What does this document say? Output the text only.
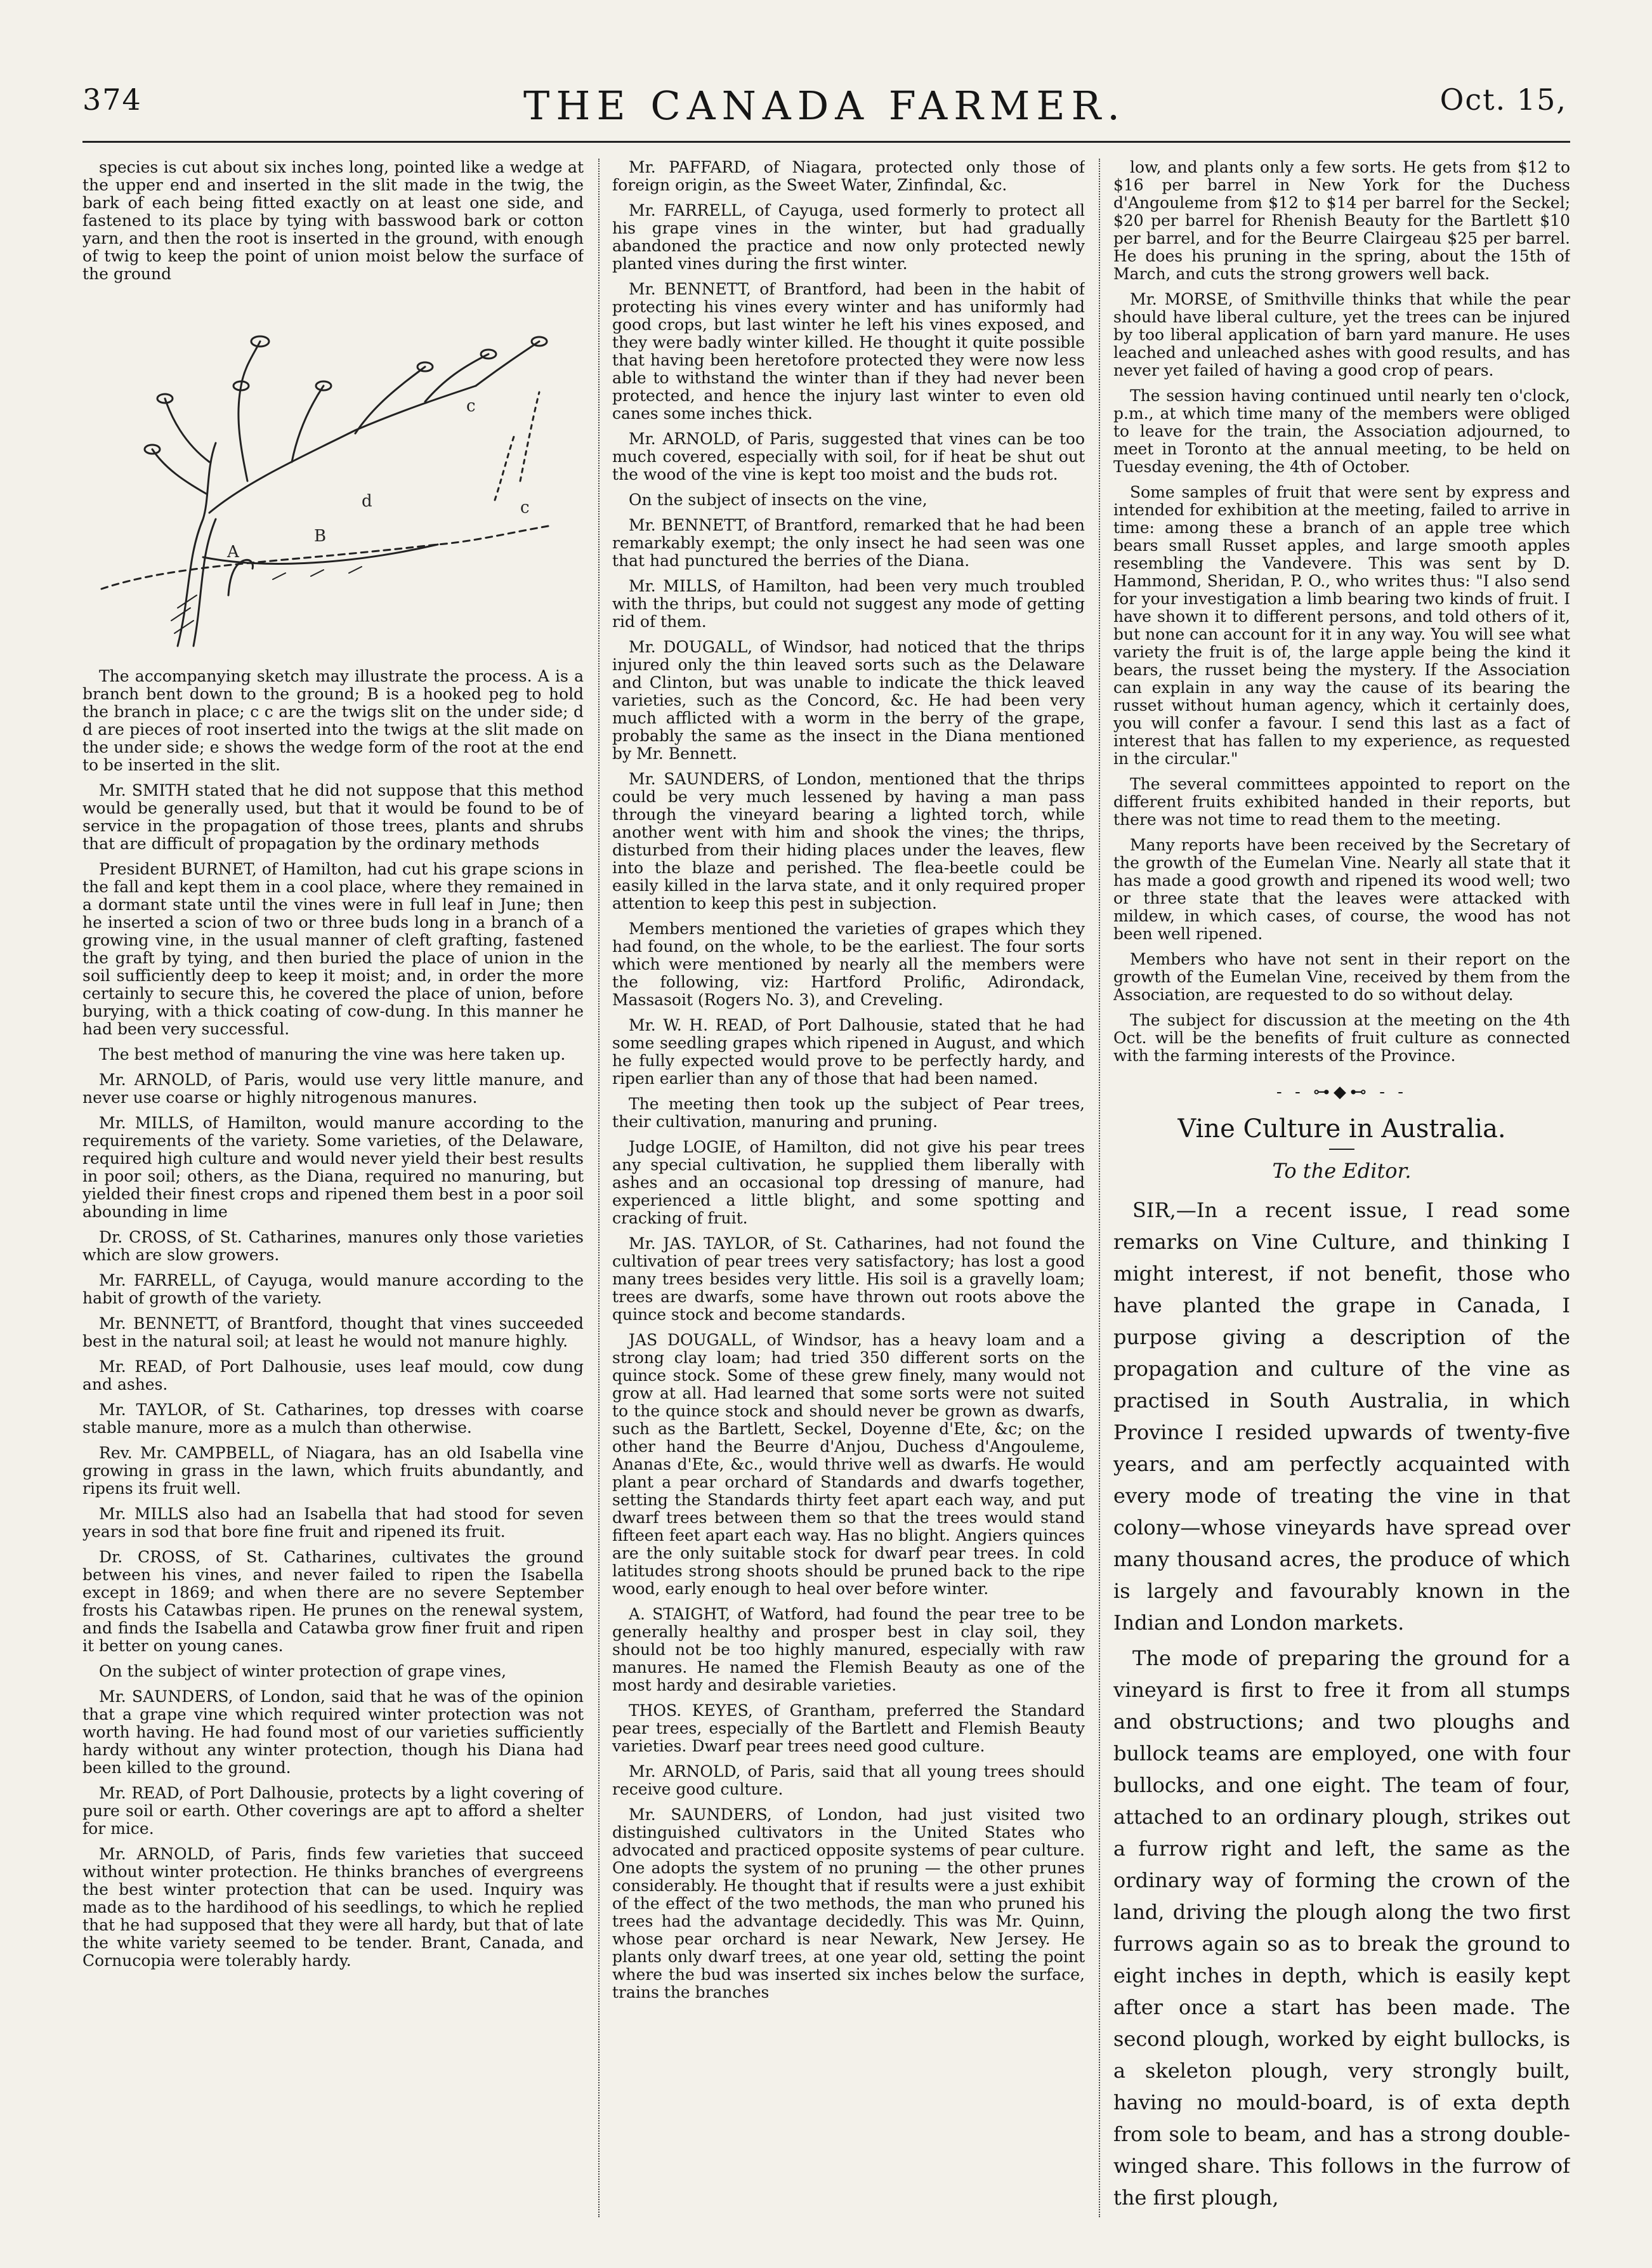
374	THE CANADA FARMER.	Oct. 15,

species is cut about six inches long, pointed like a wedge at the upper end and inserted in the slit made in the twig, the bark of each being fitted exactly on at least one side, and fastened to its place by tying with basswood bark or cotton yarn, and then the root is inserted in the ground, with enough of twig to keep the point of union moist below the surface of the ground

A
B
c
c
d

The accompanying sketch may illustrate the process. A is a branch bent down to the ground; B is a hooked peg to hold the branch in place; c c are the twigs slit on the under side; d d are pieces of root inserted into the twigs at the slit made on the under side; e shows the wedge form of the root at the end to be inserted in the slit.

Mr. SMITH stated that he did not suppose that this method would be generally used, but that it would be found to be of service in the propagation of those trees, plants and shrubs that are difficult of propagation by the ordinary methods

President BURNET, of Hamilton, had cut his grape scions in the fall and kept them in a cool place, where they remained in a dormant state until the vines were in full leaf in June; then he inserted a scion of two or three buds long in a branch of a growing vine, in the usual manner of cleft grafting, fastened the graft by tying, and then buried the place of union in the soil sufficiently deep to keep it moist; and, in order the more certainly to secure this, he covered the place of union, before burying, with a thick coating of cow-dung. In this manner he had been very successful.

The best method of manuring the vine was here taken up.

Mr. ARNOLD, of Paris, would use very little manure, and never use coarse or highly nitrogenous manures.

Mr. MILLS, of Hamilton, would manure according to the requirements of the variety. Some varieties, of the Delaware, required high culture and would never yield their best results in poor soil; others, as the Diana, required no manuring, but yielded their finest crops and ripened them best in a poor soil abounding in lime

Dr. CROSS, of St. Catharines, manures only those varieties which are slow growers.

Mr. FARRELL, of Cayuga, would manure according to the habit of growth of the variety.

Mr. BENNETT, of Brantford, thought that vines succeeded best in the natural soil; at least he would not manure highly.

Mr. READ, of Port Dalhousie, uses leaf mould, cow dung and ashes.

Mr. TAYLOR, of St. Catharines, top dresses with coarse stable manure, more as a mulch than otherwise.

Rev. Mr. CAMPBELL, of Niagara, has an old Isabella vine growing in grass in the lawn, which fruits abundantly, and ripens its fruit well.

Mr. MILLS also had an Isabella that had stood for seven years in sod that bore fine fruit and ripened its fruit.

Dr. CROSS, of St. Catharines, cultivates the ground between his vines, and never failed to ripen the Isabella except in 1869; and when there are no severe September frosts his Catawbas ripen. He prunes on the renewal system, and finds the Isabella and Catawba grow finer fruit and ripen it better on young canes.

On the subject of winter protection of grape vines,

Mr. SAUNDERS, of London, said that he was of the opinion that a grape vine which required winter protection was not worth having. He had found most of our varieties sufficiently hardy without any winter protection, though his Diana had been killed to the ground.

Mr. READ, of Port Dalhousie, protects by a light covering of pure soil or earth. Other coverings are apt to afford a shelter for mice.

Mr. ARNOLD, of Paris, finds few varieties that succeed without winter protection. He thinks branches of evergreens the best winter protection that can be used. Inquiry was made as to the hardihood of his seedlings, to which he replied that he had supposed that they were all hardy, but that of late the white variety seemed to be tender. Brant, Canada, and Cornucopia were tolerably hardy.

Mr. PAFFARD, of Niagara, protected only those of foreign origin, as the Sweet Water, Zinfindal, &c.

Mr. FARRELL, of Cayuga, used formerly to protect all his grape vines in the winter, but had gradually abandoned the practice and now only protected newly planted vines during the first winter.

Mr. BENNETT, of Brantford, had been in the habit of protecting his vines every winter and has uniformly had good crops, but last winter he left his vines exposed, and they were badly winter killed. He thought it quite possible that having been heretofore protected they were now less able to withstand the winter than if they had never been protected, and hence the injury last winter to even old canes some inches thick.

Mr. ARNOLD, of Paris, suggested that vines can be too much covered, especially with soil, for if heat be shut out the wood of the vine is kept too moist and the buds rot.

On the subject of insects on the vine,

Mr. BENNETT, of Brantford, remarked that he had been remarkably exempt; the only insect he had seen was one that had punctured the berries of the Diana.

Mr. MILLS, of Hamilton, had been very much troubled with the thrips, but could not suggest any mode of getting rid of them.

Mr. DOUGALL, of Windsor, had noticed that the thrips injured only the thin leaved sorts such as the Delaware and Clinton, but was unable to indicate the thick leaved varieties, such as the Concord, &c. He had been very much afflicted with a worm in the berry of the grape, probably the same as the insect in the Diana mentioned by Mr. Bennett.

Mr. SAUNDERS, of London, mentioned that the thrips could be very much lessened by having a man pass through the vineyard bearing a lighted torch, while another went with him and shook the vines; the thrips, disturbed from their hiding places under the leaves, flew into the blaze and perished. The flea-beetle could be easily killed in the larva state, and it only required proper attention to keep this pest in subjection.

Members mentioned the varieties of grapes which they had found, on the whole, to be the earliest. The four sorts which were mentioned by nearly all the members were the following, viz: Hartford Prolific, Adirondack, Massasoit (Rogers No. 3), and Creveling.

Mr. W. H. READ, of Port Dalhousie, stated that he had some seedling grapes which ripened in August, and which he fully expected would prove to be perfectly hardy, and ripen earlier than any of those that had been named.

The meeting then took up the subject of Pear trees, their cultivation, manuring and pruning.

Judge LOGIE, of Hamilton, did not give his pear trees any special cultivation, he supplied them liberally with ashes and an occasional top dressing of manure, had experienced a little blight, and some spotting and cracking of fruit.

Mr. JAS. TAYLOR, of St. Catharines, had not found the cultivation of pear trees very satisfactory; has lost a good many trees besides very little. His soil is a gravelly loam; trees are dwarfs, some have thrown out roots above the quince stock and become standards.

JAS DOUGALL, of Windsor, has a heavy loam and a strong clay loam; had tried 350 different sorts on the quince stock. Some of these grew finely, many would not grow at all. Had learned that some sorts were not suited to the quince stock and should never be grown as dwarfs, such as the Bartlett, Seckel, Doyenne d'Ete, &c; on the other hand the Beurre d'Anjou, Duchess d'Angouleme, Ananas d'Ete, &c., would thrive well as dwarfs. He would plant a pear orchard of Standards and dwarfs together, setting the Standards thirty feet apart each way, and put dwarf trees between them so that the trees would stand fifteen feet apart each way. Has no blight. Angiers quinces are the only suitable stock for dwarf pear trees. In cold latitudes strong shoots should be pruned back to the ripe wood, early enough to heal over before winter.

A. STAIGHT, of Watford, had found the pear tree to be generally healthy and prosper best in clay soil, they should not be too highly manured, especially with raw manures. He named the Flemish Beauty as one of the most hardy and desirable varieties.

THOS. KEYES, of Grantham, preferred the Standard pear trees, especially of the Bartlett and Flemish Beauty varieties. Dwarf pear trees need good culture.

Mr. ARNOLD, of Paris, said that all young trees should receive good culture.

Mr. SAUNDERS, of London, had just visited two distinguished cultivators in the United States who advocated and practiced opposite systems of pear culture. One adopts the system of no pruning — the other prunes considerably. He thought that if results were a just exhibit of the effect of the two methods, the man who pruned his trees had the advantage decidedly. This was Mr. Quinn, whose pear orchard is near Newark, New Jersey. He plants only dwarf trees, at one year old, setting the point where the bud was inserted six inches below the surface, trains the branches

low, and plants only a few sorts. He gets from $12 to $16 per barrel in New York for the Duchess d'Angouleme from $12 to $14 per barrel for the Seckel; $20 per barrel for Rhenish Beauty for the Bartlett $10 per barrel, and for the Beurre Clairgeau $25 per barrel. He does his pruning in the spring, about the 15th of March, and cuts the strong growers well back.

Mr. MORSE, of Smithville thinks that while the pear should have liberal culture, yet the trees can be injured by too liberal application of barn yard manure. He uses leached and unleached ashes with good results, and has never yet failed of having a good crop of pears.

The session having continued until nearly ten o'clock, p.m., at which time many of the members were obliged to leave for the train, the Association adjourned, to meet in Toronto at the annual meeting, to be held on Tuesday evening, the 4th of October.

Some samples of fruit that were sent by express and intended for exhibition at the meeting, failed to arrive in time: among these a branch of an apple tree which bears small Russet apples, and large smooth apples resembling the Vandevere. This was sent by D. Hammond, Sheridan, P. O., who writes thus: "I also send for your investigation a limb bearing two kinds of fruit. I have shown it to different persons, and told others of it, but none can account for it in any way. You will see what variety the fruit is of, the large apple being the kind it bears, the russet being the mystery. If the Association can explain in any way the cause of its bearing the russet without human agency, which it certainly does, you will confer a favour. I send this last as a fact of interest that has fallen to my experience, as requested in the circular."

The several committees appointed to report on the different fruits exhibited handed in their reports, but there was not time to read them to the meeting.

Many reports have been received by the Secretary of the growth of the Eumelan Vine. Nearly all state that it has made a good growth and ripened its wood well; two or three state that the leaves were attacked with mildew, in which cases, of course, the wood has not been well ripened.

Members who have not sent in their report on the growth of the Eumelan Vine, received by them from the Association, are requested to do so without delay.

The subject for discussion at the meeting on the 4th Oct. will be the benefits of fruit culture as connected with the farming interests of the Province.

- - ⊶◆⊷ - -
Vine Culture in Australia.
To the Editor.

SIR,—In a recent issue, I read some remarks on Vine Culture, and thinking I might interest, if not benefit, those who have planted the grape in Canada, I purpose giving a description of the propagation and culture of the vine as practised in South Australia, in which Province I resided upwards of twenty-five years, and am perfectly acquainted with every mode of treating the vine in that colony—whose vineyards have spread over many thousand acres, the produce of which is largely and favourably known in the Indian and London markets.

The mode of preparing the ground for a vineyard is first to free it from all stumps and obstructions; and two ploughs and bullock teams are employed, one with four bullocks, and one eight. The team of four, attached to an ordinary plough, strikes out a furrow right and left, the same as the ordinary way of forming the crown of the land, driving the plough along the two first furrows again so as to break the ground to eight inches in depth, which is easily kept after once a start has been made. The second plough, worked by eight bullocks, is a skeleton plough, very strongly built, having no mould-board, is of exta depth from sole to beam, and has a strong double-winged share. This follows in the furrow of the first plough,
